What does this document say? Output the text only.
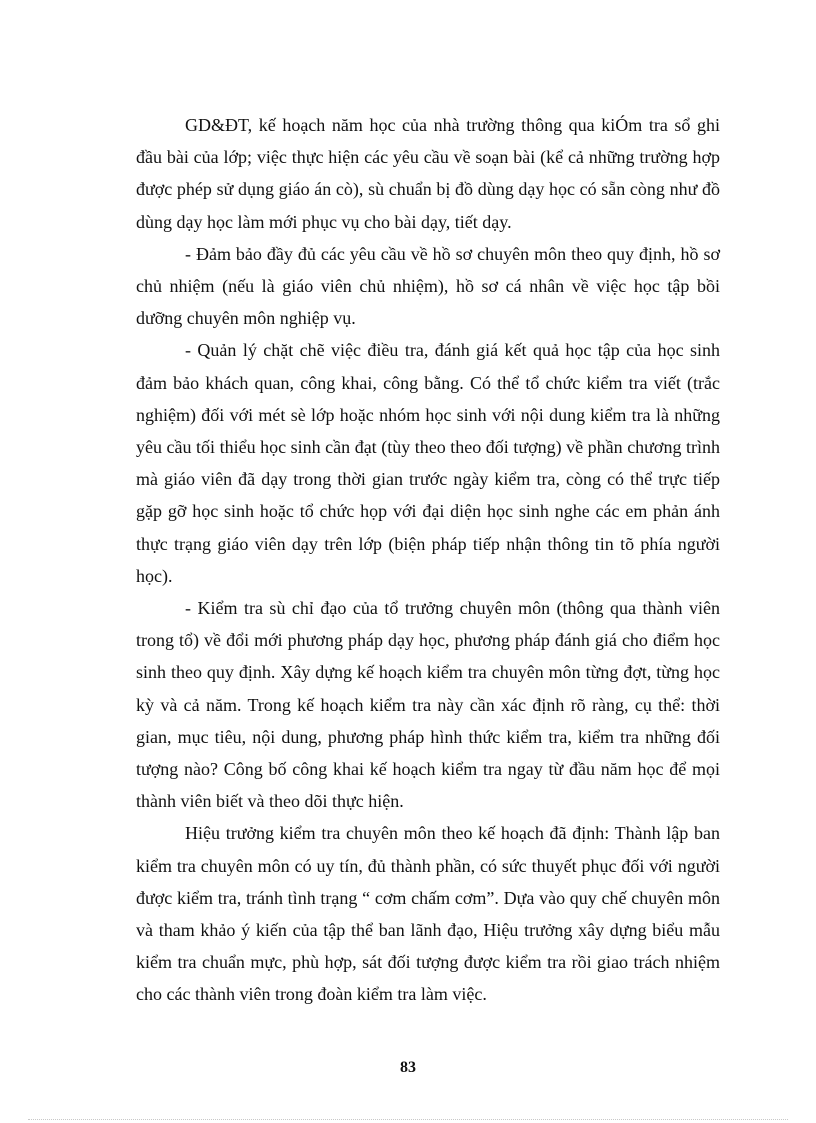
GD&ĐT, kế hoạch năm học của nhà trường thông qua kiÓm tra sổ ghi đầu bài của lớp; việc thực hiện các yêu cầu về soạn bài (kể cả những trường hợp được phép sử dụng giáo án cò), sù chuẩn bị đồ dùng dạy học có sẵn còng như đồ dùng dạy học làm mới phục vụ cho bài dạy, tiết dạy.

- Đảm bảo đầy đủ các yêu cầu về hồ sơ chuyên môn theo quy định, hồ sơ chủ nhiệm (nếu là giáo viên chủ nhiệm), hồ sơ cá nhân về việc học tập bồi dưỡng chuyên môn nghiệp vụ.

- Quản lý chặt chẽ việc điều tra, đánh giá kết quả học tập của học sinh đảm bảo khách quan, công khai, công bằng. Có thể tổ chức kiểm tra viết (trắc nghiệm) đối với mét sè lớp hoặc nhóm học sinh với nội dung kiểm tra là những yêu cầu tối thiểu học sinh cần đạt (tùy theo theo đối tượng) về phần chương trình mà giáo viên đã dạy trong thời gian trước ngày kiểm tra, còng có thể trực tiếp gặp gỡ học sinh hoặc tổ chức họp với đại diện học sinh nghe các em phản ánh thực trạng giáo viên dạy trên lớp (biện pháp tiếp nhận thông tin tõ phía người học).

- Kiểm tra sù chỉ đạo của tổ trưởng chuyên môn (thông qua thành viên trong tổ) về đổi mới phương pháp dạy học, phương pháp đánh giá cho điểm học sinh theo quy định. Xây dựng kế hoạch kiểm tra chuyên môn từng đợt, từng học kỳ và cả năm. Trong kế hoạch kiểm tra này cần xác định rõ ràng, cụ thể: thời gian, mục tiêu, nội dung, phương pháp hình thức kiểm tra, kiểm tra những đối tượng nào? Công bố công khai kế hoạch kiểm tra ngay từ đầu năm học để mọi thành viên biết và theo dõi thực hiện.

Hiệu trưởng kiểm tra chuyên môn theo kế hoạch đã định: Thành lập ban kiểm tra chuyên môn có uy tín, đủ thành phần, có sức thuyết phục đối với người được kiểm tra, tránh tình trạng “ cơm chấm cơm”. Dựa vào quy chế chuyên môn và tham khảo ý kiến của tập thể ban lãnh đạo, Hiệu trưởng xây dựng biểu mẫu kiểm tra chuẩn mực, phù hợp, sát đối tượng được kiểm tra rồi giao trách nhiệm cho các thành viên trong đoàn kiểm tra làm việc.

83
